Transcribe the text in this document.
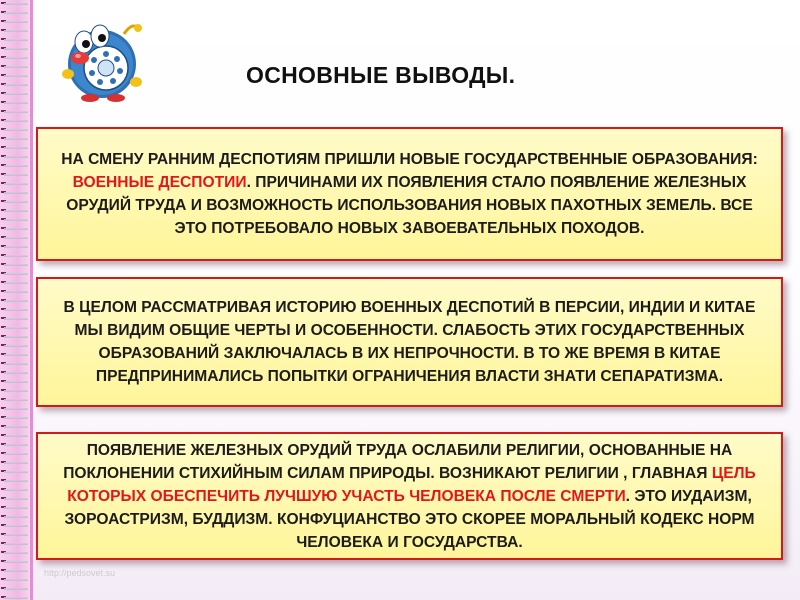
ОСНОВНЫЕ ВЫВОДЫ.

НА СМЕНУ РАННИМ ДЕСПОТИЯМ ПРИШЛИ НОВЫЕ ГОСУДАРСТВЕННЫЕ ОБРАЗОВАНИЯ: ВОЕННЫЕ ДЕСПОТИИ. ПРИЧИНАМИ ИХ ПОЯВЛЕНИЯ СТАЛО ПОЯВЛЕНИЕ ЖЕЛЕЗНЫХ ОРУДИЙ ТРУДА И ВОЗМОЖНОСТЬ ИСПОЛЬЗОВАНИЯ НОВЫХ ПАХОТНЫХ ЗЕМЕЛЬ. ВСЕ ЭТО ПОТРЕБОВАЛО НОВЫХ ЗАВОЕВАТЕЛЬНЫХ ПОХОДОВ.

В ЦЕЛОМ РАССМАТРИВАЯ ИСТОРИЮ ВОЕННЫХ ДЕСПОТИЙ В ПЕРСИИ, ИНДИИ И КИТАЕ МЫ ВИДИМ ОБЩИЕ ЧЕРТЫ И ОСОБЕННОСТИ. СЛАБОСТЬ ЭТИХ ГОСУДАРСТВЕННЫХ ОБРАЗОВАНИЙ ЗАКЛЮЧАЛАСЬ В ИХ НЕПРОЧНОСТИ. В ТО ЖЕ ВРЕМЯ В КИТАЕ ПРЕДПРИНИМАЛИСЬ ПОПЫТКИ ОГРАНИЧЕНИЯ ВЛАСТИ ЗНАТИ СЕПАРАТИЗМА.

ПОЯВЛЕНИЕ ЖЕЛЕЗНЫХ ОРУДИЙ ТРУДА ОСЛАБИЛИ РЕЛИГИИ, ОСНОВАННЫЕ НА ПОКЛОНЕНИИ СТИХИЙНЫМ СИЛАМ ПРИРОДЫ. ВОЗНИКАЮТ РЕЛИГИИ , ГЛАВНАЯ ЦЕЛЬ КОТОРЫХ ОБЕСПЕЧИТЬ ЛУЧШУЮ УЧАСТЬ ЧЕЛОВЕКА ПОСЛЕ СМЕРТИ. ЭТО ИУДАИЗМ, ЗОРОАСТРИЗМ, БУДДИЗМ. КОНФУЦИАНСТВО ЭТО СКОРЕЕ МОРАЛЬНЫЙ КОДЕКС НОРМ ЧЕЛОВЕКА И ГОСУДАРСТВА.

http://pedsovet.su
